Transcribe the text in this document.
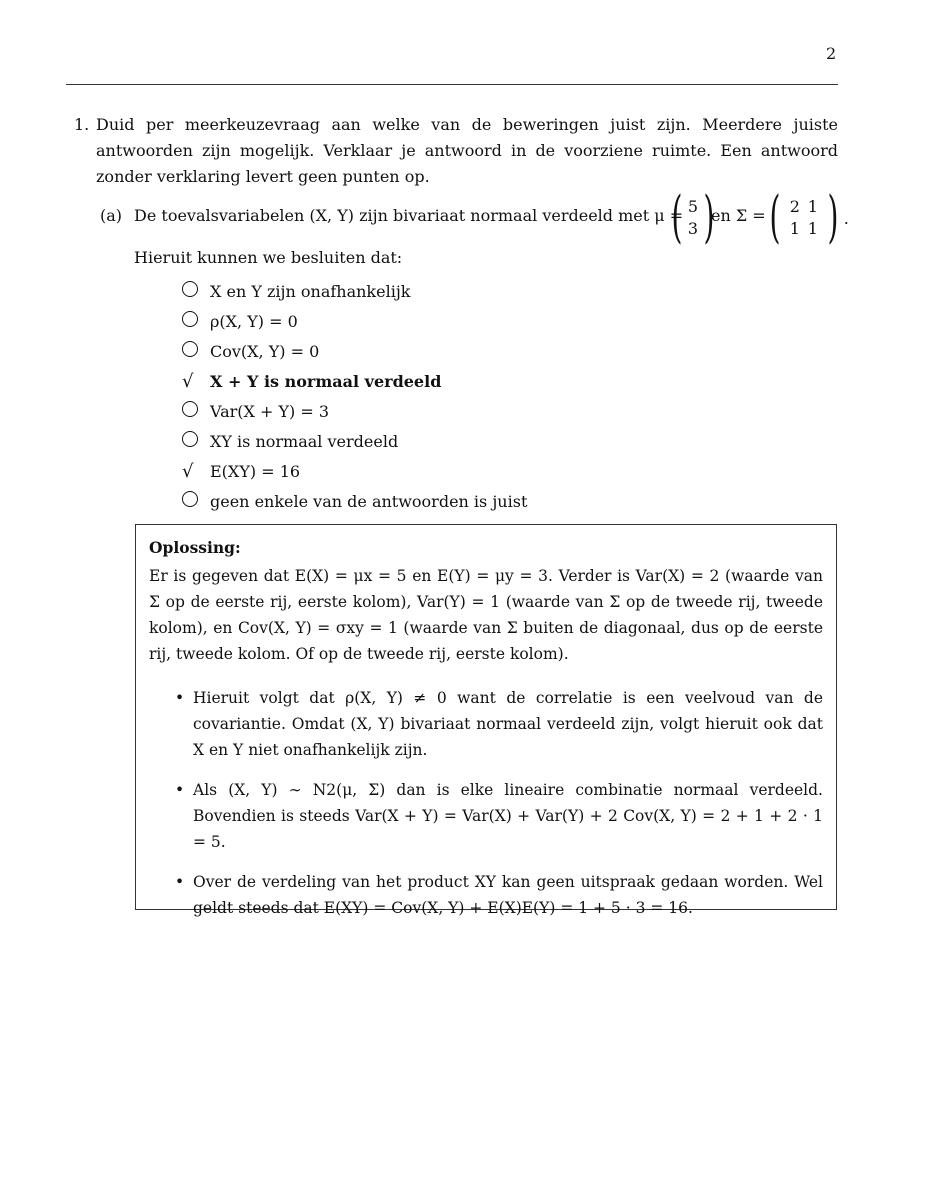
2
1. Duid per meerkeuzevraag aan welke van de beweringen juist zijn. Meerdere juiste antwoorden zijn mogelijk. Verklaar je antwoord in de voorziene ruimte. Een antwoord zonder verklaring levert geen punten op.
(a) De toevalsvariabelen (X, Y) zijn bivariaat normaal verdeeld met μ =
( 5
3 )
en Σ = ( 2 1
1 1 ) .
Hieruit kunnen we besluiten dat:
X en Y zijn onafhankelijk
ρ(X, Y) = 0
Cov(X, Y) = 0
√	X + Y is normaal verdeeld
Var(X + Y) = 3
XY is normaal verdeeld
√	E(XY) = 16
geen enkele van de antwoorden is juist
Oplossing:
Er is gegeven dat E(X) = μx = 5 en E(Y) = μy = 3. Verder is Var(X) = 2 (waarde van Σ op de eerste rij, eerste kolom), Var(Y) = 1 (waarde van Σ op de tweede rij, tweede kolom), en Cov(X, Y) = σxy = 1 (waarde van Σ buiten de diagonaal, dus op de eerste rij, tweede kolom. Of op de tweede rij, eerste kolom).
• Hieruit volgt dat ρ(X, Y) ≠ 0 want de correlatie is een veelvoud van de covariantie. Omdat (X, Y) bivariaat normaal verdeeld zijn, volgt hieruit ook dat X en Y niet onafhankelijk zijn.
• Als (X, Y) ∼ N2(μ, Σ) dan is elke lineaire combinatie normaal verdeeld. Bovendien is steeds Var(X + Y) = Var(X) + Var(Y) + 2 Cov(X, Y) = 2 + 1 + 2 · 1 = 5.
• Over de verdeling van het product XY kan geen uitspraak gedaan worden. Wel geldt steeds dat E(XY) = Cov(X, Y) + E(X)E(Y) = 1 + 5 · 3 = 16.
